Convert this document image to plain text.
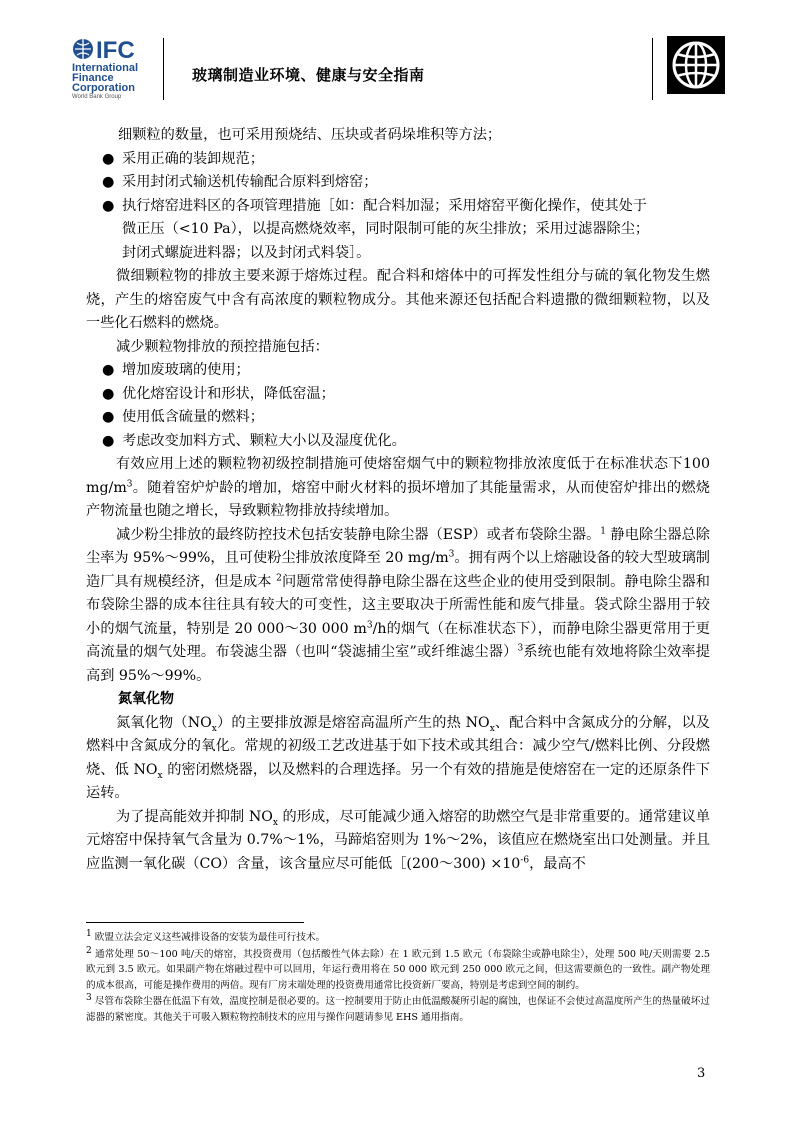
IFC
International
Finance
Corporation
World Bank Group
玻璃制造业环境、健康与安全指南

细颗粒的数量，也可采用预烧结、压块或者码垛堆积等方法；

● 采用正确的装卸规范；

● 采用封闭式输送机传输配合原料到熔窑；

● 执行熔窑进料区的各项管理措施［如：配合料加湿；采用熔窑平衡化操作，使其处于
微正压（<10 Pa），以提高燃烧效率，同时限制可能的灰尘排放；采用过滤器除尘；
封闭式螺旋进料器；以及封闭式料袋］。

微细颗粒物的排放主要来源于熔炼过程。配合料和熔体中的可挥发性组分与硫的氧化物发生燃烧，产生的熔窑废气中含有高浓度的颗粒物成分。其他来源还包括配合料遗撒的微细颗粒物，以及一些化石燃料的燃烧。

减少颗粒物排放的预控措施包括：

● 增加废玻璃的使用；

● 优化熔窑设计和形状，降低窑温；

● 使用低含硫量的燃料；

● 考虑改变加料方式、颗粒大小以及湿度优化。

有效应用上述的颗粒物初级控制措施可使熔窑烟气中的颗粒物排放浓度低于在标准状态下100 $mg/m^3$。随着窑炉炉龄的增加，熔窑中耐火材料的损坏增加了其能量需求，从而使窑炉排出的燃烧产物流量也随之增长，导致颗粒物排放持续增加。

减少粉尘排放的最终防控技术包括安装静电除尘器（ESP）或者布袋除尘器。$^1$ 静电除尘器总除尘率为 95%～99%，且可使粉尘排放浓度降至 20 $mg/m^3$。拥有两个以上熔融设备的较大型玻璃制造厂具有规模经济，但是成本 $^2$问题常常使得静电除尘器在这些企业的使用受到限制。静电除尘器和布袋除尘器的成本往往具有较大的可变性，这主要取决于所需性能和废气排量。袋式除尘器用于较小的烟气流量，特别是 20 000～30 000 $m^3/h$的烟气（在标准状态下），而静电除尘器更常用于更高流量的烟气处理。布袋滤尘器（也叫“袋滤捕尘室”或纤维滤尘器）$^3$系统也能有效地将除尘效率提高到 95%～99%。

氮氧化物

氮氧化物$(NO_x)$的主要排放源是熔窑高温所产生的热 $NO_x$、配合料中含氮成分的分解，以及燃料中含氮成分的氧化。常规的初级工艺改进基于如下技术或其组合：减少空气/燃料比例、分段燃烧、低 $NO_x$ 的密闭燃烧器，以及燃料的合理选择。另一个有效的措施是使熔窑在一定的还原条件下运转。

为了提高能效并抑制 $NO_x$ 的形成，尽可能减少通入熔窑的助燃空气是非常重要的。通常建议单元熔窑中保持氧气含量为 0.7%～1%，马蹄焰窑则为 1%～2%，该值应在燃烧室出口处测量。并且应监测一氧化碳（CO）含量，该含量应尽可能低［(200～300) $\times 10^{-6}$，最高不

$^1$ 欧盟立法会定义这些减排设备的安装为最佳可行技术。

$^2$ 通常处理 50～100 吨/天的熔窑，其投资费用（包括酸性气体去除）在 1 欧元到 1.5 欧元（布袋除尘或静电除尘），处理 500 吨/天则需要 2.5 欧元到 3.5 欧元。如果副产物在熔融过程中可以回用，年运行费用将在 50 000 欧元到 250 000 欧元之间，但这需要颜色的一致性。副产物处理的成本很高，可能是操作费用的两倍。现有厂房末端处理的投资费用通常比投资新厂要高，特别是考虑到空间的制约。

$^3$ 尽管布袋除尘器在低温下有效，温度控制是很必要的。这一控制要用于防止由低温酸凝所引起的腐蚀，也保证不会使过高温度所产生的热量破坏过滤器的紧密度。其他关于可吸入颗粒物控制技术的应用与操作问题请参见 EHS 通用指南。

3
